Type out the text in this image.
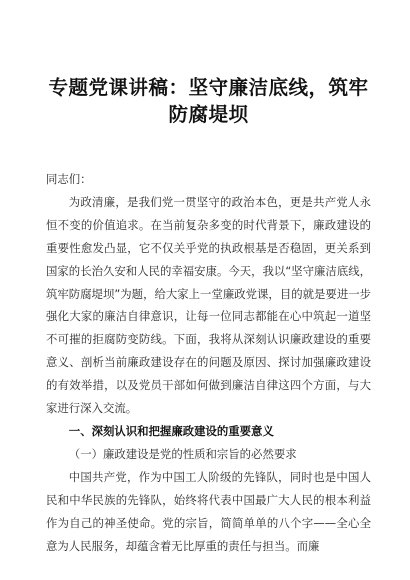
专题党课讲稿：坚守廉洁底线，筑牢
防腐堤坝

同志们：

为政清廉，是我们党一贯坚守的政治本色，更是共产党人永恒不变的价值追求。在当前复杂多变的时代背景下，廉政建设的重要性愈发凸显，它不仅关乎党的执政根基是否稳固，更关系到国家的长治久安和人民的幸福安康。今天，我以“坚守廉洁底线，筑牢防腐堤坝”为题，给大家上一堂廉政党课，目的就是要进一步强化大家的廉洁自律意识，让每一位同志都能在心中筑起一道坚不可摧的拒腐防变防线。下面，我将从深刻认识廉政建设的重要意义、剖析当前廉政建设存在的问题及原因、探讨加强廉政建设的有效举措，以及党员干部如何做到廉洁自律这四个方面，与大家进行深入交流。

一、深刻认识和把握廉政建设的重要意义

（一）廉政建设是党的性质和宗旨的必然要求

中国共产党，作为中国工人阶级的先锋队，同时也是中国人民和中华民族的先锋队，始终将代表中国最广大人民的根本利益作为自己的神圣使命。党的宗旨，简简单单的八个字——全心全意为人民服务，却蕴含着无比厚重的责任与担当。而廉
